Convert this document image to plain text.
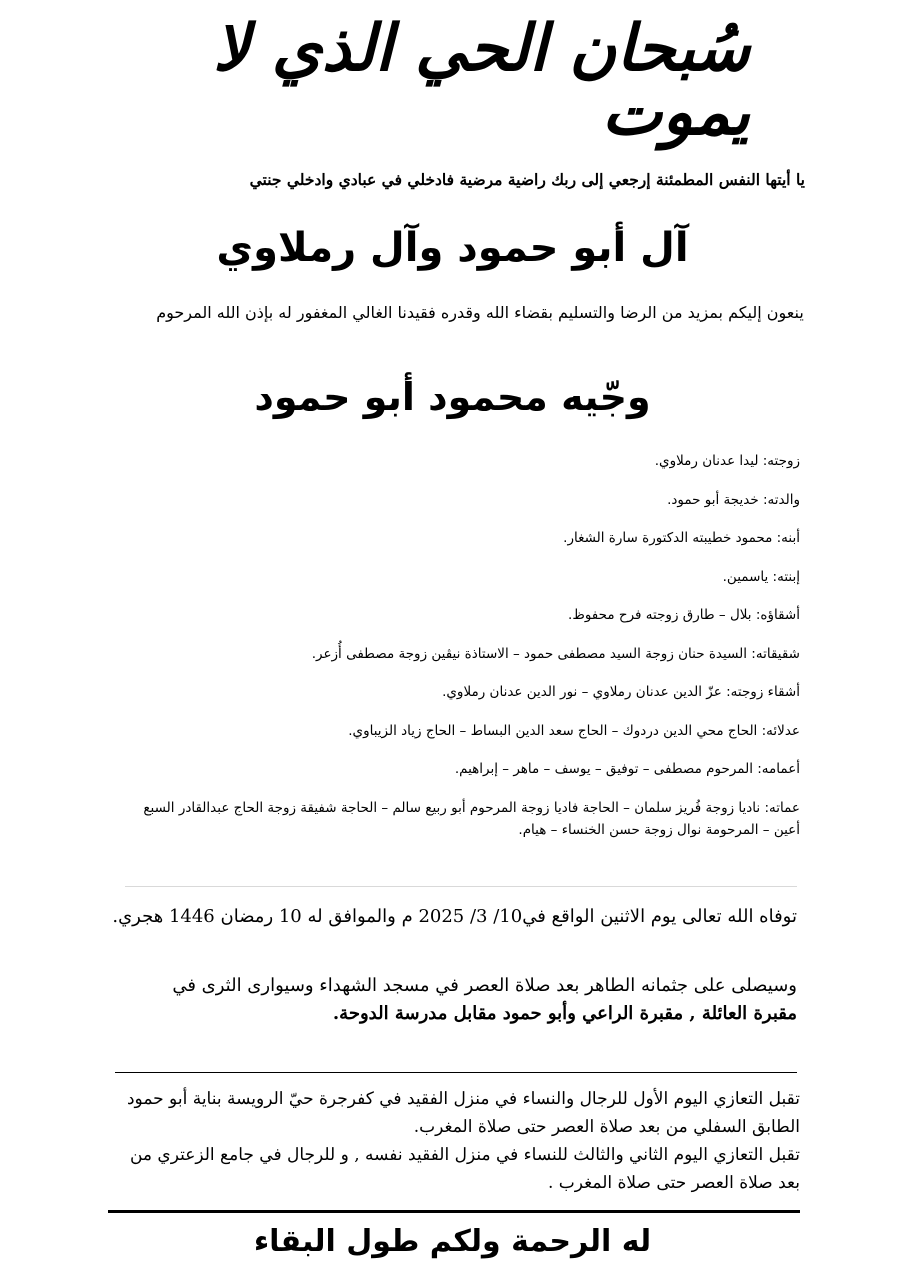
سُبحان الحي الذي لا يموت
يا أيتها النفس المطمئنة إرجعي إلى ربك راضية مرضية فادخلي في عبادي وادخلي جنتي
آل أبو حمود وآل رملاوي
ينعون إليكم بمزيد من الرضا والتسليم بقضاء الله وقدره فقيدنا الغالي المغفور له بإذن الله المرحوم
وجّيه محمود أبو حمود
زوجته: ليدا عدنان رملاوي.
والدته: خديجة أبو حمود.
أبنه: محمود خطيبته الدكتورة سارة الشغار.
إبنته: ياسمين.
أشقاؤه: بلال – طارق زوجته فرح محفوظ.
شقيقاته: السيدة حنان زوجة السيد مصطفى حمود – الاستاذة نيڤين زوجة مصطفى أُزعر.
أشقاء زوجته: عزّ الدين عدنان رملاوي – نور الدين عدنان رملاوي.
عدلائه: الحاج محي الدين دردوك – الحاج سعد الدين البساط – الحاج زياد الزيباوي.
أعمامه: المرحوم مصطفى – توفيق – يوسف – ماهر – إبراهيم.
عماته: ناديا زوجة فُريز سلمان – الحاجة فاديا زوجة المرحوم أبو ربيع سالم – الحاجة شفيقة زوجة الحاج عبدالقادر السبع أعين – المرحومة نوال زوجة حسن الخنساء – هيام.
توفاه الله تعالى يوم الاثنين الواقع في10/ 3/ 2025 م والموافق له 10 رمضان 1446 هجري.
وسيصلى على جثمانه الطاهر بعد صلاة العصر في مسجد الشهداء وسيوارى الثرى في
مقبرة العائلة , مقبرة الراعي وأبو حمود مقابل مدرسة الدوحة.

تقبل التعازي اليوم الأول للرجال والنساء في منزل الفقيد في كفرجرة حيّ الرويسة بناية أبو حمود الطابق السفلي من بعد صلاة العصر حتى صلاة المغرب.

تقبل التعازي اليوم الثاني والثالث للنساء في منزل الفقيد نفسه , و للرجال في جامع الزعتري من بعد صلاة العصر حتى صلاة المغرب .

له الرحمة ولكم طول البقاء
